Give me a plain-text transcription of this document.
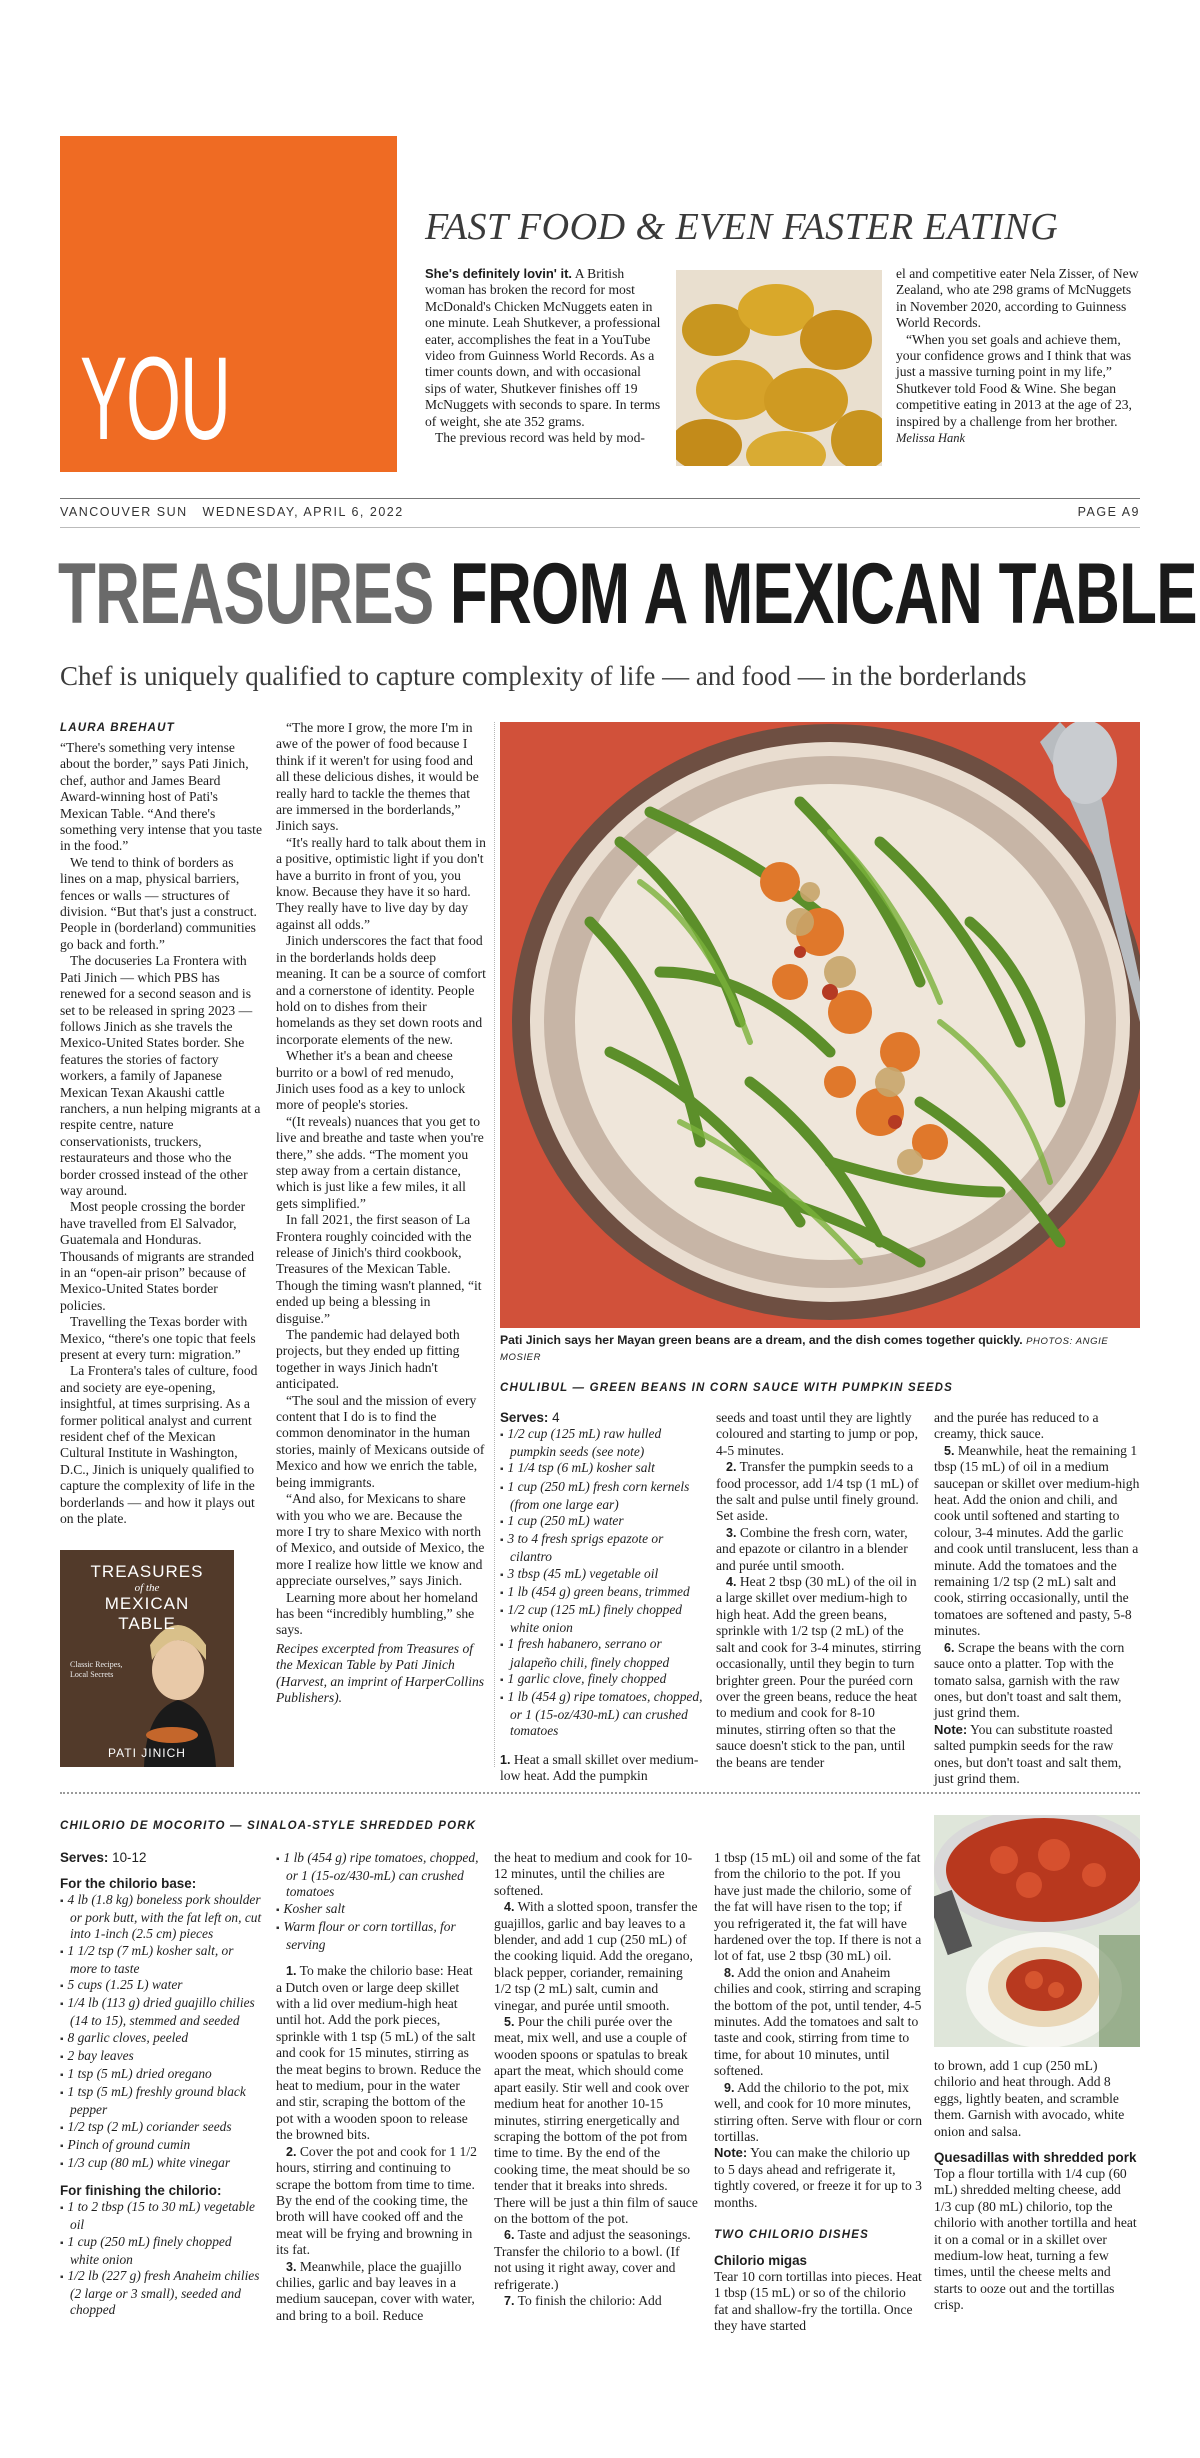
YOU
FAST FOOD & EVEN FASTER EATING

She's definitely lovin' it. A British woman has broken the record for most McDonald's Chicken McNuggets eaten in one minute. Leah Shutkever, a professional eater, accomplishes the feat in a YouTube video from Guinness World Records. As a timer counts down, and with occasional sips of water, Shutkever finishes off 19 McNuggets with seconds to spare. In terms of weight, she ate 352 grams.

The previous record was held by mod-

el and competitive eater Nela Zisser, of New Zealand, who ate 298 grams of McNuggets in November 2020, according to Guinness World Records.

“When you set goals and achieve them, your confidence grows and I think that was just a massive turning point in my life,” Shutkever told Food & Wine. She began competitive eating in 2013 at the age of 23, inspired by a challenge from her brother. Melissa Hank

VANCOUVER SUN WEDNESDAY, APRIL 6, 2022	PAGE A9
TREASURES FROM A MEXICAN TABLE
Chef is uniquely qualified to capture complexity of life — and food — in the borderlands
LAURA BREHAUT

“There's something very intense about the border,” says Pati Jinich, chef, author and James Beard Award-winning host of Pati's Mexican Table. “And there's something very intense that you taste in the food.”

We tend to think of borders as lines on a map, physical barriers, fences or walls — structures of division. “But that's just a construct. People in (borderland) communities go back and forth.”

The docuseries La Frontera with Pati Jinich — which PBS has renewed for a second season and is set to be released in spring 2023 — follows Jinich as she travels the Mexico-United States border. She features the stories of factory workers, a family of Japanese Mexican Texan Akaushi cattle ranchers, a nun helping migrants at a respite centre, nature conservationists, truckers, restaurateurs and those who the border crossed instead of the other way around.

Most people crossing the border have travelled from El Salvador, Guatemala and Honduras. Thousands of migrants are stranded in an “open-air prison” because of Mexico-United States border policies.

Travelling the Texas border with Mexico, “there's one topic that feels present at every turn: migration.”

La Frontera's tales of culture, food and society are eye-opening, insightful, at times surprising. As a former political analyst and current resident chef of the Mexican Cultural Institute in Washington, D.C., Jinich is uniquely qualified to capture the complexity of life in the borderlands — and how it plays out on the plate.

TREASURES
of the
MEXICAN
TABLE
Classic Recipes, Local Secrets
PATI JINICH

“The more I grow, the more I'm in awe of the power of food because I think if it weren't for using food and all these delicious dishes, it would be really hard to tackle the themes that are immersed in the borderlands,” Jinich says.

“It's really hard to talk about them in a positive, optimistic light if you don't have a burrito in front of you, you know. Because they have it so hard. They really have to live day by day against all odds.”

Jinich underscores the fact that food in the borderlands holds deep meaning. It can be a source of comfort and a cornerstone of identity. People hold on to dishes from their homelands as they set down roots and incorporate elements of the new.

Whether it's a bean and cheese burrito or a bowl of red menudo, Jinich uses food as a key to unlock more of people's stories.

“(It reveals) nuances that you get to live and breathe and taste when you're there,” she adds. “The moment you step away from a certain distance, which is just like a few miles, it all gets simplified.”

In fall 2021, the first season of La Frontera roughly coincided with the release of Jinich's third cookbook, Treasures of the Mexican Table. Though the timing wasn't planned, “it ended up being a blessing in disguise.”

The pandemic had delayed both projects, but they ended up fitting together in ways Jinich hadn't anticipated.

“The soul and the mission of every content that I do is to find the common denominator in the human stories, mainly of Mexicans outside of Mexico and how we enrich the table, being immigrants.

“And also, for Mexicans to share with you who we are. Because the more I try to share Mexico with north of Mexico, and outside of Mexico, the more I realize how little we know and appreciate ourselves,” says Jinich.

Learning more about her homeland has been “incredibly humbling,” she says.

Recipes excerpted from Treasures of the Mexican Table by Pati Jinich (Harvest, an imprint of HarperCollins Publishers).

Pati Jinich says her Mayan green beans are a dream, and the dish comes together quickly. PHOTOS: ANGIE MOSIER
CHULIBUL — GREEN BEANS IN CORN SAUCE WITH PUMPKIN SEEDS
Serves: 4
▪ 1/2 cup (125 mL) raw hulled pumpkin seeds (see note)
▪ 1 1/4 tsp (6 mL) kosher salt
▪ 1 cup (250 mL) fresh corn kernels (from one large ear)
▪ 1 cup (250 mL) water
▪ 3 to 4 fresh sprigs epazote or cilantro
▪ 3 tbsp (45 mL) vegetable oil
▪ 1 lb (454 g) green beans, trimmed
▪ 1/2 cup (125 mL) finely chopped white onion
▪ 1 fresh habanero, serrano or jalapeño chili, finely chopped
▪ 1 garlic clove, finely chopped
▪ 1 lb (454 g) ripe tomatoes, chopped, or 1 (15-oz/430-mL) can crushed tomatoes

1. Heat a small skillet over medium-low heat. Add the pumpkin

seeds and toast until they are lightly coloured and starting to jump or pop, 4-5 minutes.

2. Transfer the pumpkin seeds to a food processor, add 1/4 tsp (1 mL) of the salt and pulse until finely ground. Set aside.

3. Combine the fresh corn, water, and epazote or cilantro in a blender and purée until smooth.

4. Heat 2 tbsp (30 mL) of the oil in a large skillet over medium-high to high heat. Add the green beans, sprinkle with 1/2 tsp (2 mL) of the salt and cook for 3-4 minutes, stirring occasionally, until they begin to turn brighter green. Pour the puréed corn over the green beans, reduce the heat to medium and cook for 8-10 minutes, stirring often so that the sauce doesn't stick to the pan, until the beans are tender

and the purée has reduced to a creamy, thick sauce.

5. Meanwhile, heat the remaining 1 tbsp (15 mL) of oil in a medium saucepan or skillet over medium-high heat. Add the onion and chili, and cook until softened and starting to colour, 3-4 minutes. Add the garlic and cook until translucent, less than a minute. Add the tomatoes and the remaining 1/2 tsp (2 mL) salt and cook, stirring occasionally, until the tomatoes are softened and pasty, 5-8 minutes.

6. Scrape the beans with the corn sauce onto a platter. Top with the tomato salsa, garnish with the raw ones, but don't toast and salt them, just grind them.

Note: You can substitute roasted salted pumpkin seeds for the raw ones, but don't toast and salt them, just grind them.

CHILORIO DE MOCORITO — SINALOA-STYLE SHREDDED PORK
Serves: 10-12
For the chilorio base:
▪ 4 lb (1.8 kg) boneless pork shoulder or pork butt, with the fat left on, cut into 1-inch (2.5 cm) pieces
▪ 1 1/2 tsp (7 mL) kosher salt, or more to taste
▪ 5 cups (1.25 L) water
▪ 1/4 lb (113 g) dried guajillo chilies (14 to 15), stemmed and seeded
▪ 8 garlic cloves, peeled
▪ 2 bay leaves
▪ 1 tsp (5 mL) dried oregano
▪ 1 tsp (5 mL) freshly ground black pepper
▪ 1/2 tsp (2 mL) coriander seeds
▪ Pinch of ground cumin
▪ 1/3 cup (80 mL) white vinegar
For finishing the chilorio:
▪ 1 to 2 tbsp (15 to 30 mL) vegetable oil
▪ 1 cup (250 mL) finely chopped white onion
▪ 1/2 lb (227 g) fresh Anaheim chilies (2 large or 3 small), seeded and chopped
▪ 1 lb (454 g) ripe tomatoes, chopped, or 1 (15-oz/430-mL) can crushed tomatoes
▪ Kosher salt
▪ Warm flour or corn tortillas, for serving

1. To make the chilorio base: Heat a Dutch oven or large deep skillet with a lid over medium-high heat until hot. Add the pork pieces, sprinkle with 1 tsp (5 mL) of the salt and cook for 15 minutes, stirring as the meat begins to brown. Reduce the heat to medium, pour in the water and stir, scraping the bottom of the pot with a wooden spoon to release the browned bits.

2. Cover the pot and cook for 1 1/2 hours, stirring and continuing to scrape the bottom from time to time. By the end of the cooking time, the broth will have cooked off and the meat will be frying and browning in its fat.

3. Meanwhile, place the guajillo chilies, garlic and bay leaves in a medium saucepan, cover with water, and bring to a boil. Reduce

the heat to medium and cook for 10-12 minutes, until the chilies are softened.

4. With a slotted spoon, transfer the guajillos, garlic and bay leaves to a blender, and add 1 cup (250 mL) of the cooking liquid. Add the oregano, black pepper, coriander, remaining 1/2 tsp (2 mL) salt, cumin and vinegar, and purée until smooth.

5. Pour the chili purée over the meat, mix well, and use a couple of wooden spoons or spatulas to break apart the meat, which should come apart easily. Stir well and cook over medium heat for another 10-15 minutes, stirring energetically and scraping the bottom of the pot from time to time. By the end of the cooking time, the meat should be so tender that it breaks into shreds. There will be just a thin film of sauce on the bottom of the pot.

6. Taste and adjust the seasonings. Transfer the chilorio to a bowl. (If not using it right away, cover and refrigerate.)

7. To finish the chilorio: Add

1 tbsp (15 mL) oil and some of the fat from the chilorio to the pot. If you have just made the chilorio, some of the fat will have risen to the top; if you refrigerated it, the fat will have hardened over the top. If there is not a lot of fat, use 2 tbsp (30 mL) oil.

8. Add the onion and Anaheim chilies and cook, stirring and scraping the bottom of the pot, until tender, 4-5 minutes. Add the tomatoes and salt to taste and cook, stirring from time to time, for about 10 minutes, until softened.

9. Add the chilorio to the pot, mix well, and cook for 10 more minutes, stirring often. Serve with flour or corn tortillas.

Note: You can make the chilorio up to 5 days ahead and refrigerate it, tightly covered, or freeze it for up to 3 months.

TWO CHILORIO DISHES
Chilorio migas

Tear 10 corn tortillas into pieces. Heat 1 tbsp (15 mL) or so of the chilorio fat and shallow-fry the tortilla. Once they have started

to brown, add 1 cup (250 mL) chilorio and heat through. Add 8 eggs, lightly beaten, and scramble them. Garnish with avocado, white onion and salsa.

Quesadillas with shredded pork

Top a flour tortilla with 1/4 cup (60 mL) shredded melting cheese, add 1/3 cup (80 mL) chilorio, top the chilorio with another tortilla and heat it on a comal or in a skillet over medium-low heat, turning a few times, until the cheese melts and starts to ooze out and the tortillas crisp.
